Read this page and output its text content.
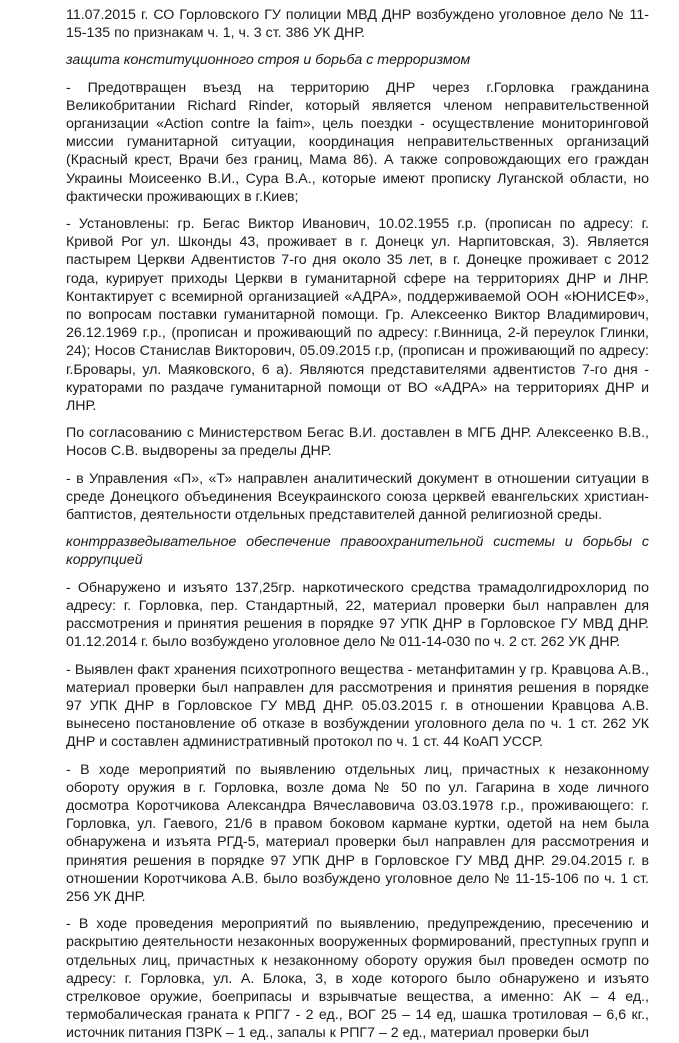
11.07.2015 г. СО Горловского ГУ полиции МВД ДНР возбуждено уголовное дело № 11-15-135 по признакам ч. 1, ч. 3 ст. 386 УК ДНР.

защита конституционного строя и борьба с терроризмом

- Предотвращен въезд на территорию ДНР через г.Горловка гражданина Великобритании Richard Rinder, который является членом неправительственной организации «Action contre la faim», цель поездки - осуществление мониторинговой миссии гуманитарной ситуации, координация неправительственных организаций (Красный крест, Врачи без границ, Мама 86). А также сопровождающих его граждан Украины Моисеенко В.И., Сура В.А., которые имеют прописку Луганской области, но фактически проживающих в г.Киев;

- Установлены: гр. Бегас Виктор Иванович, 10.02.1955 г.р. (прописан по адресу: г. Кривой Рог ул. Шконды 43, проживает в г. Донецк ул. Нарпитовская, 3). Является пастырем Церкви Адвентистов 7-го дня около 35 лет, в г. Донецке проживает с 2012 года, курирует приходы Церкви в гуманитарной сфере на территориях ДНР и ЛНР. Контактирует с всемирной организацией «АДРА», поддерживаемой ООН «ЮНИСЕФ», по вопросам поставки гуманитарной помощи. Гр. Алексеенко Виктор Владимирович, 26.12.1969 г.р., (прописан и проживающий по адресу: г.Винница, 2-й переулок Глинки, 24); Носов Станислав Викторович, 05.09.2015 г.р, (прописан и проживающий по адресу: г.Бровары, ул. Маяковского, 6 а). Являются представителями адвентистов 7-го дня - кураторами по раздаче гуманитарной помощи от ВО «АДРА» на территориях ДНР и ЛНР.

По согласованию с Министерством Бегас В.И. доставлен в МГБ ДНР. Алексеенко В.В., Носов С.В. выдворены за пределы ДНР.

- в Управления «П», «Т» направлен аналитический документ в отношении ситуации в среде Донецкого объединения Всеукраинского союза церквей евангельских христиан-баптистов, деятельности отдельных представителей данной религиозной среды.

контрразведывательное обеспечение правоохранительной системы и борьбы с коррупцией

- Обнаружено и изъято 137,25гр. наркотического средства трамадолгидрохлорид по адресу: г. Горловка, пер. Стандартный, 22, материал проверки был направлен для рассмотрения и принятия решения в порядке 97 УПК ДНР в Горловское ГУ МВД ДНР. 01.12.2014 г. было возбуждено уголовное дело № 011-14-030 по ч. 2 ст. 262 УК ДНР.

- Выявлен факт хранения психотропного вещества - метанфитамин у гр. Кравцова А.В., материал проверки был направлен для рассмотрения и принятия решения в порядке 97 УПК ДНР в Горловское ГУ МВД ДНР. 05.03.2015 г. в отношении Кравцова А.В. вынесено постановление об отказе в возбуждении уголовного дела по ч. 1 ст. 262 УК ДНР и составлен административный протокол по ч. 1 ст. 44 КоАП УССР.

- В ходе мероприятий по выявлению отдельных лиц, причастных к незаконному обороту оружия в г. Горловка, возле дома № 50 по ул. Гагарина в ходе личного досмотра Коротчикова Александра Вячеславовича 03.03.1978 г.р., проживающего: г. Горловка, ул. Гаевого, 21/6 в правом боковом кармане куртки, одетой на нем была обнаружена и изъята РГД-5, материал проверки был направлен для рассмотрения и принятия решения в порядке 97 УПК ДНР в Горловское ГУ МВД ДНР. 29.04.2015 г. в отношении Коротчикова А.В. было возбуждено уголовное дело № 11-15-106 по ч. 1 ст. 256 УК ДНР.

- В ходе проведения мероприятий по выявлению, предупреждению, пресечению и раскрытию деятельности незаконных вооруженных формирований, преступных групп и отдельных лиц, причастных к незаконному обороту оружия был проведен осмотр по адресу: г. Горловка, ул. А. Блока, 3, в ходе которого было обнаружено и изъято стрелковое оружие, боеприпасы и взрывчатые вещества, а именно: АК – 4 ед., термобалическая граната к РПГ7 - 2 ед., ВОГ 25 – 14 ед, шашка тротиловая – 6,6 кг., источник питания ПЗРК – 1 ед., запалы к РПГ7 – 2 ед., материал проверки был
